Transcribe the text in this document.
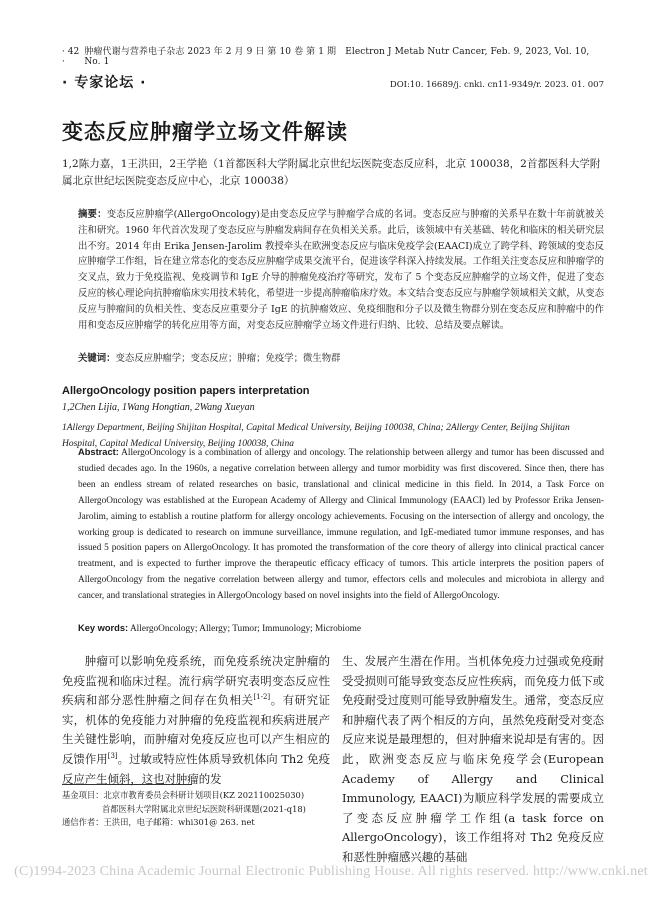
· 42 ·
肿瘤代谢与营养电子杂志 2023 年 2 月 9 日 第 10 卷 第 1 期　Electron J Metab Nutr Cancer, Feb. 9, 2023, Vol. 10, No. 1
· 专家论坛 ·	DOI:10. 16689/j. cnki. cn11-9349/r. 2023. 01. 007
变态反应肿瘤学立场文件解读
1,2陈力嘉，1王洪田，2王学艳（1首都医科大学附属北京世纪坛医院变态反应科，北京 100038，2首都医科大学附属北京世纪坛医院变态反应中心，北京 100038）
摘要：变态反应肿瘤学(AllergoOncology)是由变态反应学与肿瘤学合成的名词。变态反应与肿瘤的关系早在数十年前就被关注和研究。1960 年代首次发现了变态反应与肿瘤发病间存在负相关关系。此后，该领域中有关基础、转化和临床的相关研究层出不穷。2014 年由 Erika Jensen-Jarolim 教授牵头在欧洲变态反应与临床免疫学会(EAACI)成立了跨学科、跨领域的变态反应肿瘤学工作组，旨在建立常态化的变态反应肿瘤学成果交流平台，促进该学科深入持续发展。工作组关注变态反应和肿瘤学的交叉点，致力于免疫监视、免疫调节和 IgE 介导的肿瘤免疫治疗等研究，发布了 5 个变态反应肿瘤学的立场文件，促进了变态反应的核心理论向抗肿瘤临床实用技术转化，希望进一步提高肿瘤临床疗效。本文结合变态反应与肿瘤学领域相关文献，从变态反应与肿瘤间的负相关性、变态反应重要分子 IgE 的抗肿瘤效应、免疫细胞和分子以及微生物群分别在变态反应和肿瘤中的作用和变态反应肿瘤学的转化应用等方面，对变态反应肿瘤学立场文件进行归纳、比较、总结及要点解读。
关键词：变态反应肿瘤学；变态反应；肿瘤；免疫学；微生物群
AllergoOncology position papers interpretation
1,2Chen Lijia, 1Wang Hongtian, 2Wang Xueyan
1Allergy Department, Beijing Shijitan Hospital, Capital Medical University, Beijing 100038, China; 2Allergy Center, Beijing Shijitan Hospital, Capital Medical University, Beijing 100038, China
Abstract: AllergoOncology is a combination of allergy and oncology. The relationship between allergy and tumor has been discussed and studied decades ago. In the 1960s, a negative correlation between allergy and tumor morbidity was first discovered. Since then, there has been an endless stream of related researches on basic, translational and clinical medicine in this field. In 2014, a Task Force on AllergoOncology was established at the European Academy of Allergy and Clinical Immunology (EAACI) led by Professor Erika Jensen-Jarolim, aiming to establish a routine platform for allergy oncology achievements. Focusing on the intersection of allergy and oncology, the working group is dedicated to research on immune surveillance, immune regulation, and IgE-mediated tumor immune responses, and has issued 5 position papers on AllergoOncology. It has promoted the transformation of the core theory of allergy into clinical practical cancer treatment, and is expected to further improve the therapeutic efficacy efficacy of tumors. This article interprets the position papers of AllergoOncology from the negative correlation between allergy and tumor, effectors cells and molecules and microbiota in allergy and cancer, and translational strategies in AllergoOncology based on novel insights into the field of AllergoOncology.
Key words: AllergoOncology; Allergy; Tumor; Immunology; Microbiome

肿瘤可以影响免疫系统，而免疫系统决定肿瘤的免疫监视和临床过程。流行病学研究表明变态反应性疾病和部分恶性肿瘤之间存在负相关[1-2]。有研究证实，机体的免疫能力对肿瘤的免疫监视和疾病进展产生关键性影响，而肿瘤对免疫反应也可以产生相应的反馈作用[3]。过敏或特应性体质导致机体向 Th2 免疫反应产生倾斜，这也对肿瘤的发

生、发展产生潜在作用。当机体免疫力过强或免疫耐受受损则可能导致变态反应性疾病，而免疫力低下或免疫耐受过度则可能导致肿瘤发生。通常，变态反应和肿瘤代表了两个相反的方向，虽然免疫耐受对变态反应来说是最理想的，但对肿瘤来说却是有害的。因此，欧洲变态反应与临床免疫学会(European Academy of Allergy and Clinical Immunology, EAACI)为顺应科学发展的需要成立了变态反应肿瘤学工作组(a task force on AllergoOncology)，该工作组将对 Th2 免疫反应和恶性肿瘤感兴趣的基础

基金项目：北京市教育委员会科研计划项目(KZ 202110025030)
首都医科大学附属北京世纪坛医院科研课题(2021-q18)
通信作者：王洪田，电子邮箱：whi301@ 263. net
(C)1994-2023 China Academic Journal Electronic Publishing House. All rights reserved. http://www.cnki.net
